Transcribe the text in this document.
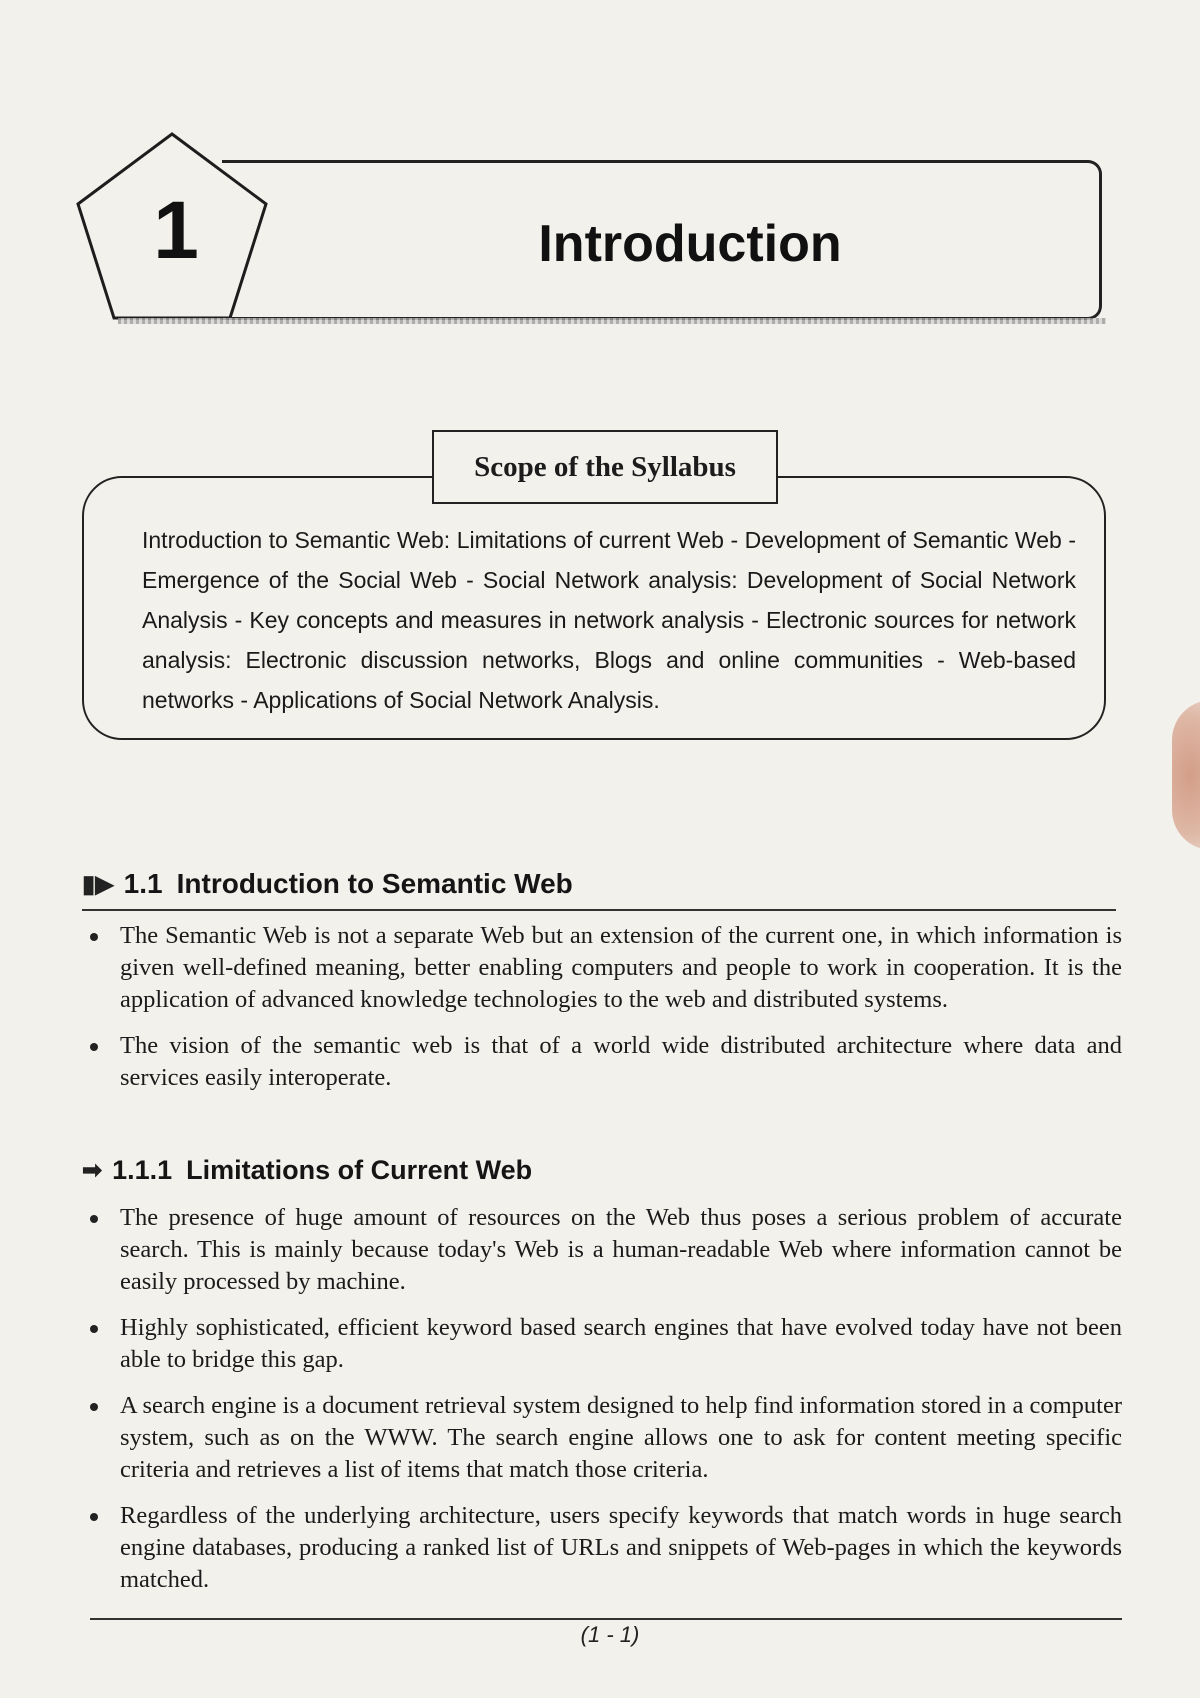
1	Introduction
Scope of the Syllabus
Introduction to Semantic Web: Limitations of current Web - Development of Semantic Web - Emergence of the Social Web - Social Network analysis: Development of Social Network Analysis - Key concepts and measures in network analysis - Electronic sources for network analysis: Electronic discussion networks, Blogs and online communities - Web-based networks - Applications of Social Network Analysis.
▮▶ 1.1 Introduction to Semantic Web
The Semantic Web is not a separate Web but an extension of the current one, in which information is given well-defined meaning, better enabling computers and people to work in cooperation. It is the application of advanced knowledge technologies to the web and distributed systems.
The vision of the semantic web is that of a world wide distributed architecture where data and services easily interoperate.
➡ 1.1.1 Limitations of Current Web
The presence of huge amount of resources on the Web thus poses a serious problem of accurate search. This is mainly because today's Web is a human-readable Web where information cannot be easily processed by machine.
Highly sophisticated, efficient keyword based search engines that have evolved today have not been able to bridge this gap.
A search engine is a document retrieval system designed to help find information stored in a computer system, such as on the WWW. The search engine allows one to ask for content meeting specific criteria and retrieves a list of items that match those criteria.
Regardless of the underlying architecture, users specify keywords that match words in huge search engine databases, producing a ranked list of URLs and snippets of Web-pages in which the keywords matched.
(1 - 1)
